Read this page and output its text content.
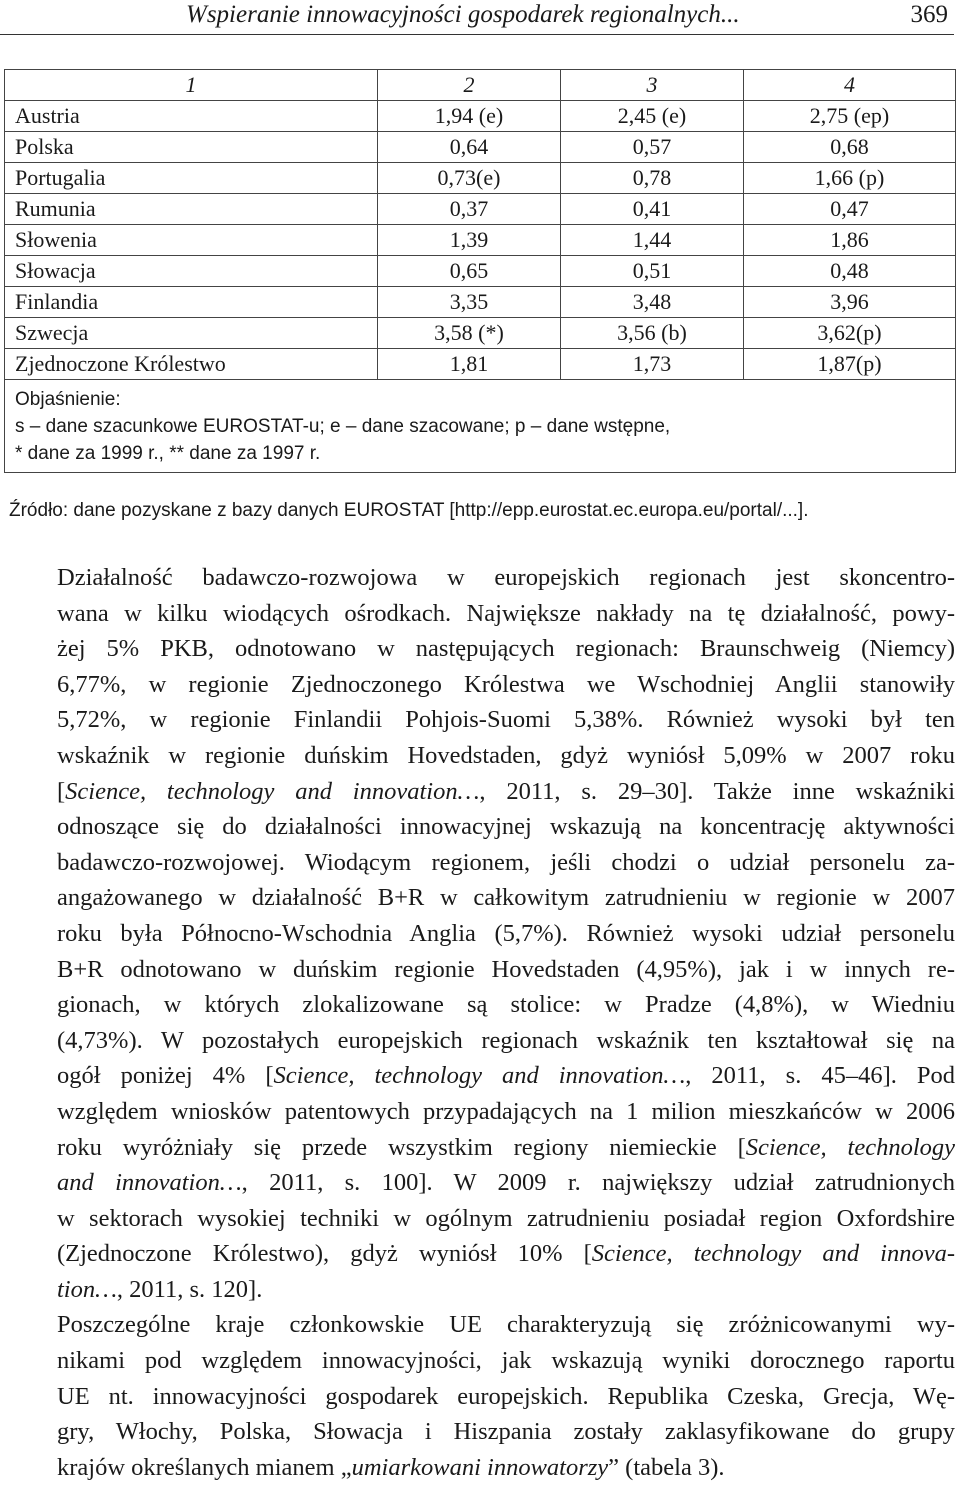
Wspieranie innowacyjności gospodarek regionalnych...	369
1	2	3	4
Austria	1,94 (e)	2,45 (e)	2,75 (ep)
Polska	0,64	0,57	0,68
Portugalia	0,73(e)	0,78	1,66 (p)
Rumunia	0,37	0,41	0,47
Słowenia	1,39	1,44	1,86
Słowacja	0,65	0,51	0,48
Finlandia	3,35	3,48	3,96
Szwecja	3,58 (*)	3,56 (b)	3,62(p)
Zjednoczone Królestwo	1,81	1,73	1,87(p)

Objaśnienie:
s – dane szacunkowe EUROSTAT-u; e – dane szacowane; p – dane wstępne,
* dane za 1999 r., ** dane za 1997 r.			
Źródło: dane pozyskane z bazy danych EUROSTAT [http://epp.eurostat.ec.europa.eu/portal/...].

Działalność badawczo-rozwojowa w europejskich regionach jest skoncentro-
wana w kilku wiodących ośrodkach. Największe nakłady na tę działalność, powy-
żej 5% PKB, odnotowano w następujących regionach: Braunschweig (Niemcy)
6,77%, w regionie Zjednoczonego Królestwa we Wschodniej Anglii stanowiły
5,72%, w regionie Finlandii Pohjois-Suomi 5,38%. Również wysoki był ten
wskaźnik w regionie duńskim Hovedstaden, gdyż wyniósł 5,09% w 2007 roku
[Science, technology and innovation…, 2011, s. 29–30]. Także inne wskaźniki
odnoszące się do działalności innowacyjnej wskazują na koncentrację aktywności
badawczo-rozwojowej. Wiodącym regionem, jeśli chodzi o udział personelu za-
angażowanego w działalność B+R w całkowitym zatrudnieniu w regionie w 2007
roku była Północno-Wschodnia Anglia (5,7%). Również wysoki udział personelu
B+R odnotowano w duńskim regionie Hovedstaden (4,95%), jak i w innych re-
gionach, w których zlokalizowane są stolice: w Pradze (4,8%), w Wiedniu
(4,73%). W pozostałych europejskich regionach wskaźnik ten kształtował się na
ogół poniżej 4% [Science, technology and innovation…, 2011, s. 45–46]. Pod
względem wniosków patentowych przypadających na 1 milion mieszkańców w 2006
roku wyróżniały się przede wszystkim regiony niemieckie [Science, technology
and innovation…, 2011, s. 100]. W 2009 r. największy udział zatrudnionych
w sektorach wysokiej techniki w ogólnym zatrudnieniu posiadał region Oxfordshire
(Zjednoczone Królestwo), gdyż wyniósł 10% [Science, technology and innova-
tion…, 2011, s. 120].

Poszczególne kraje członkowskie UE charakteryzują się zróżnicowanymi wy-
nikami pod względem innowacyjności, jak wskazują wyniki dorocznego raportu
UE nt. innowacyjności gospodarek europejskich. Republika Czeska, Grecja, Wę-
gry, Włochy, Polska, Słowacja i Hiszpania zostały zaklasyfikowane do grupy
krajów określanych mianem „umiarkowani innowatorzy” (tabela 3).
